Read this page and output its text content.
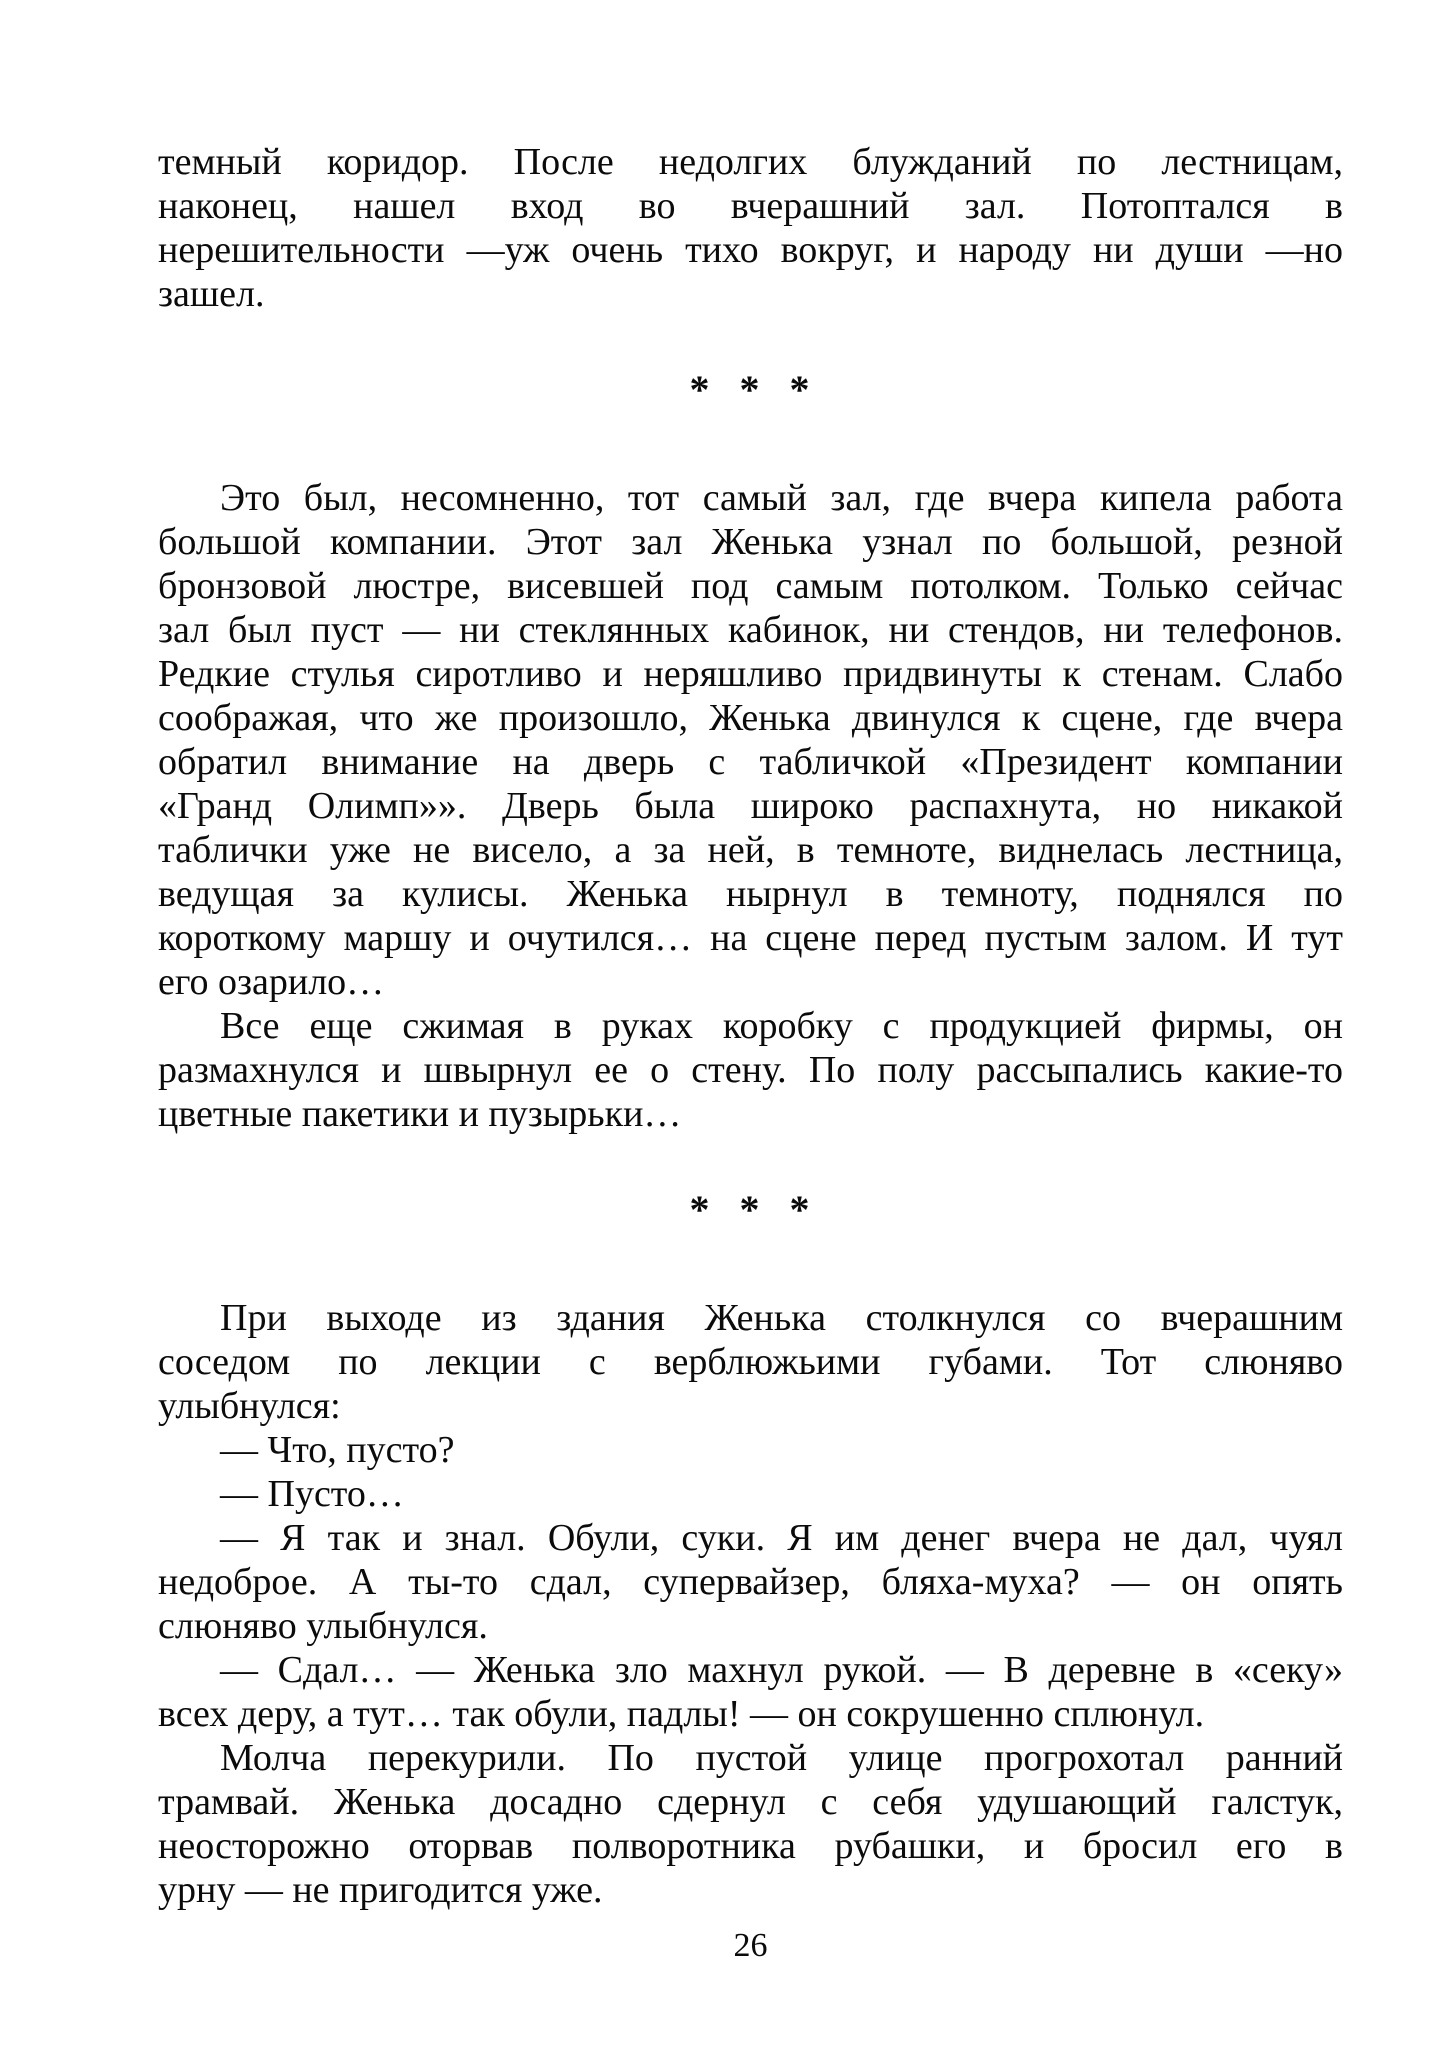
темный коридор. После недолгих блужданий по лестницам,
наконец, нашел вход во вчерашний зал. Потоптался в
нерешительности —уж очень тихо вокруг, и народу ни души —но
зашел.
* * *
Это был, несомненно, тот самый зал, где вчера кипела работа
большой компании. Этот зал Женька узнал по большой, резной
бронзовой люстре, висевшей под самым потолком. Только сейчас
зал был пуст — ни стеклянных кабинок, ни стендов, ни телефонов.
Редкие стулья сиротливо и неряшливо придвинуты к стенам. Слабо
соображая, что же произошло, Женька двинулся к сцене, где вчера
обратил внимание на дверь с табличкой «Президент компании
«Гранд Олимп»». Дверь была широко распахнута, но никакой
таблички уже не висело, а за ней, в темноте, виднелась лестница,
ведущая за кулисы. Женька нырнул в темноту, поднялся по
короткому маршу и очутился… на сцене перед пустым залом. И тут
его озарило…
Все еще сжимая в руках коробку с продукцией фирмы, он
размахнулся и швырнул ее о стену. По полу рассыпались какие-то
цветные пакетики и пузырьки…
* * *
При выходе из здания Женька столкнулся со вчерашним
соседом по лекции с верблюжьими губами. Тот слюняво
улыбнулся:
— Что, пусто?
— Пусто…
— Я так и знал. Обули, суки. Я им денег вчера не дал, чуял
недоброе. А ты-то сдал, супервайзер, бляха-муха? — он опять
слюняво улыбнулся.
— Сдал… — Женька зло махнул рукой. — В деревне в «секу»
всех деру, а тут… так обули, падлы! — он сокрушенно сплюнул.
Молча перекурили. По пустой улице прогрохотал ранний
трамвай. Женька досадно сдернул с себя удушающий галстук,
неосторожно оторвав полворотника рубашки, и бросил его в
урну — не пригодится уже.
26
